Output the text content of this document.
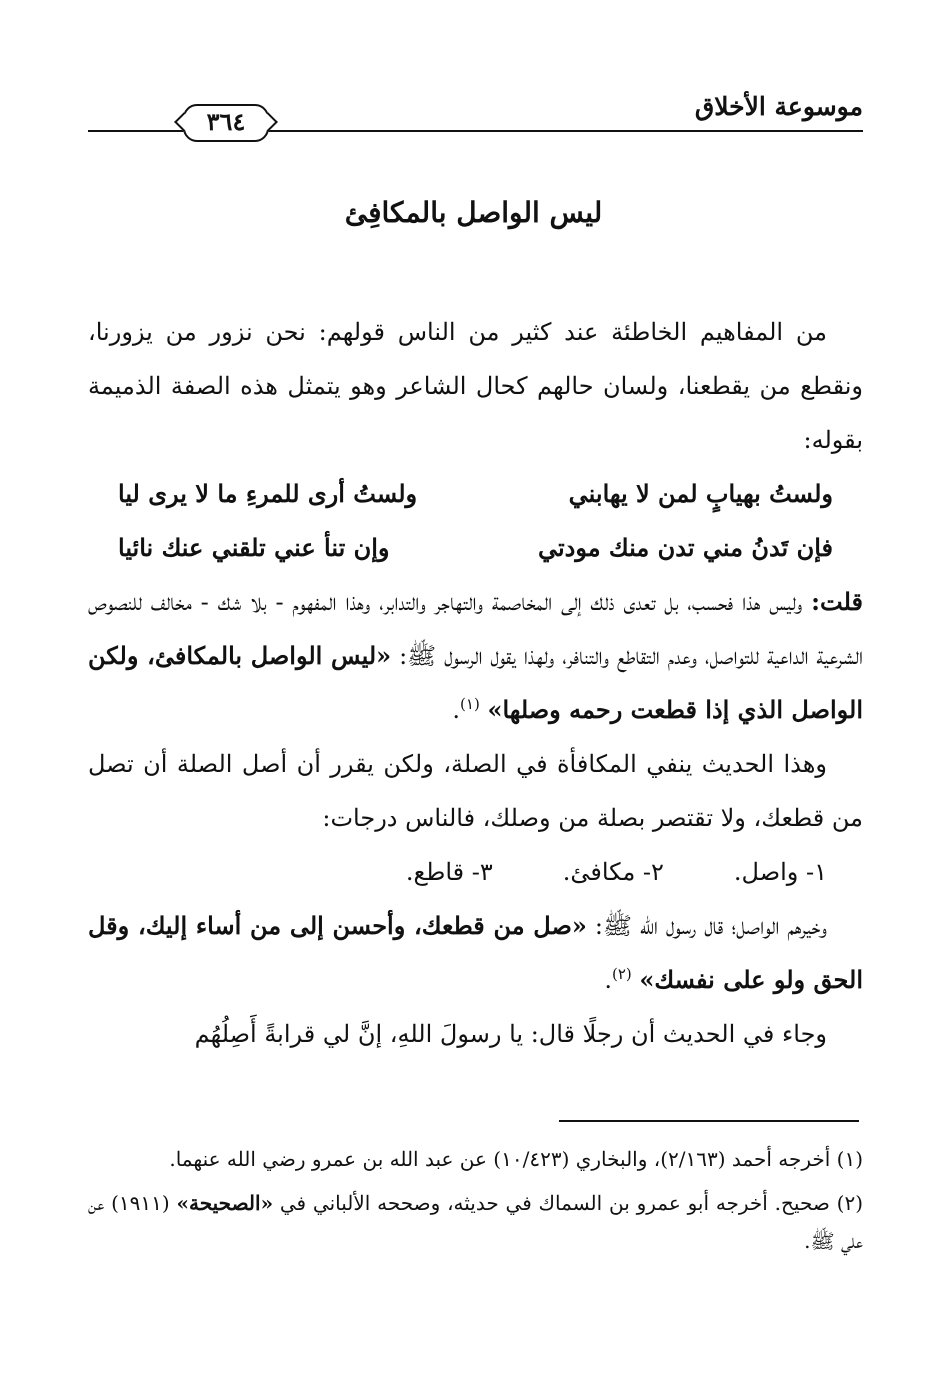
موسوعة الأخلاق
٣٦٤
ليس الواصل بالمكافِئ

من المفاهيم الخاطئة عند كثير من الناس قولهم: نحن نزور من يزورنا، ونقطع من يقطعنا، ولسان حالهم كحال الشاعر وهو يتمثل هذه الصفة الذميمة بقوله:

ولستُ بهيابٍ لمن لا يهابني
ولستُ أرى للمرءِ ما لا يرى ليا
فإن تَدنُ مني تدن منك مودتي
وإن تنأ عني تلقني عنك نائيا

قلت: وليس هذا فحسب، بل تعدى ذلك إلى المخاصمة والتهاجر والتدابر، وهذا المفهوم - بلا شك - مخالف للنصوص الشرعية الداعية للتواصل، وعدم التقاطع والتنافر، ولهذا يقول الرسول ﷺ: «ليس الواصل بالمكافئ، ولكن الواصل الذي إذا قطعت رحمه وصلها» $^{(١)}$.

وهذا الحديث ينفي المكافأة في الصلة، ولكن يقرر أن أصل الصلة أن تصل من قطعك، ولا تقتصر بصلة من وصلك، فالناس درجات:

١- واصل.
٢- مكافئ.
٣- قاطع.

وخيرهم الواصل؛ قال رسول الله ﷺ: «صل من قطعك، وأحسن إلى من أساء إليك، وقل الحق ولو على نفسك» $^{(٢)}$.

وجاء في الحديث أن رجلًا قال: يا رسولَ اللهِ، إنَّ لي قرابةً أَصِلُهُم

(١) أخرجه أحمد (٢/١٦٣)، والبخاري (١٠/٤٢٣) عن عبد الله بن عمرو رضي الله عنهما.

(٢) صحيح. أخرجه أبو عمرو بن السماك في حديثه، وصححه الألباني في «الصحيحة» (١٩١١) عن علي ﷺ.
